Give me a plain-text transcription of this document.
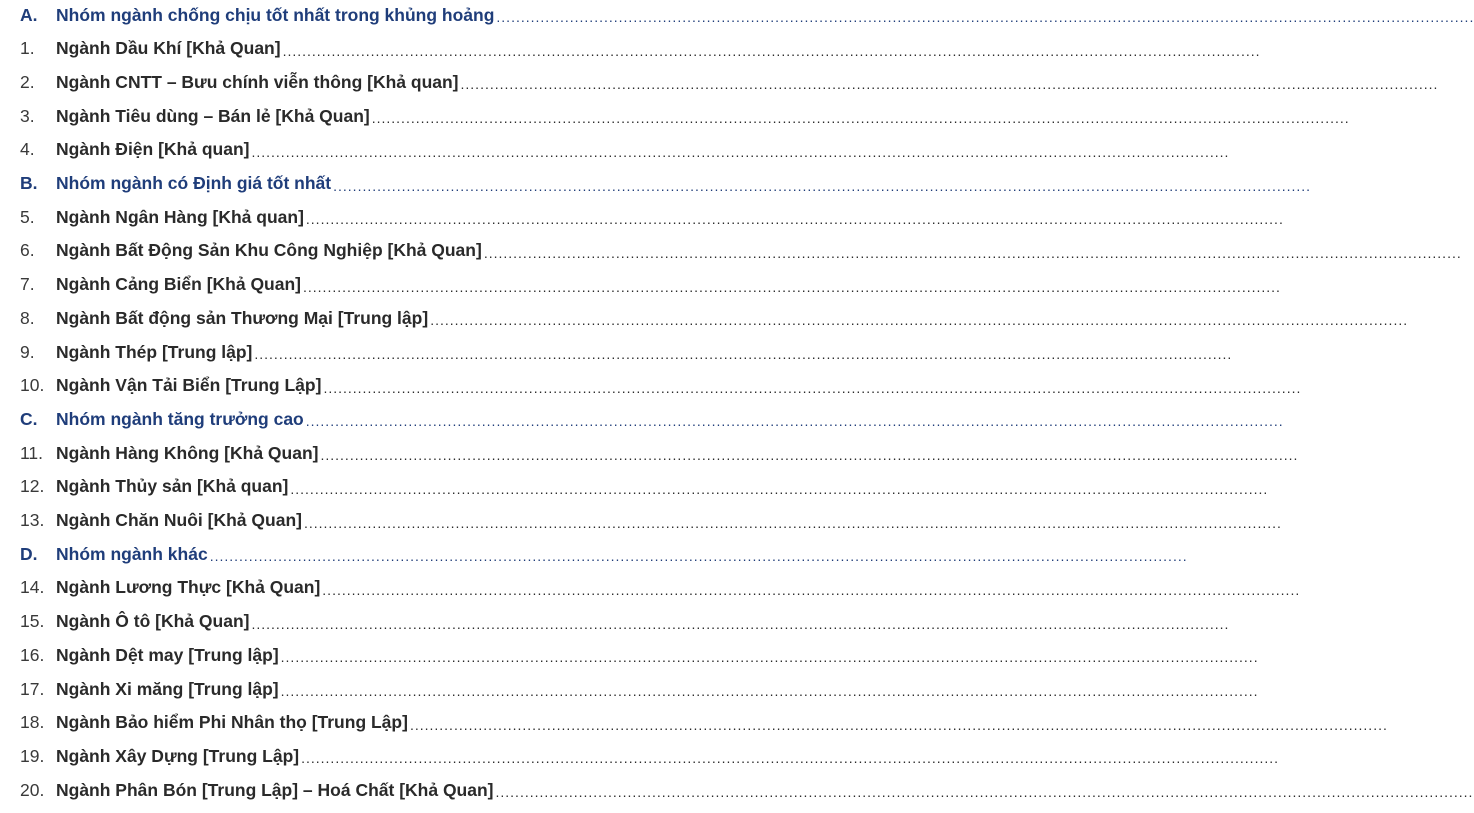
A.	Nhóm ngành chống chịu tốt nhất trong khủng hoảng ........................................................................................................................................................................................................
1.	Ngành Dầu Khí [Khả Quan] ........................................................................................................................................................................................................
2.	Ngành CNTT – Bưu chính viễn thông [Khả quan] ........................................................................................................................................................................................................
3.	Ngành Tiêu dùng – Bán lẻ [Khả Quan] ........................................................................................................................................................................................................
4.	Ngành Điện [Khả quan] ........................................................................................................................................................................................................
B.	Nhóm ngành có Định giá tốt nhất ........................................................................................................................................................................................................
5.	Ngành Ngân Hàng [Khả quan] ........................................................................................................................................................................................................
6.	Ngành Bất Động Sản Khu Công Nghiệp [Khả Quan] ........................................................................................................................................................................................................
7.	Ngành Cảng Biển [Khả Quan] ........................................................................................................................................................................................................
8.	Ngành Bất động sản Thương Mại [Trung lập] ........................................................................................................................................................................................................
9.	Ngành Thép [Trung lập] ........................................................................................................................................................................................................
10. Ngành Vận Tải Biển [Trung Lập] ........................................................................................................................................................................................................
C.	Nhóm ngành tăng trưởng cao ........................................................................................................................................................................................................
11. Ngành Hàng Không [Khả Quan] ........................................................................................................................................................................................................
12. Ngành Thủy sản [Khả quan] ........................................................................................................................................................................................................
13. Ngành Chăn Nuôi [Khả Quan] ........................................................................................................................................................................................................
D.	Nhóm ngành khác ........................................................................................................................................................................................................
14. Ngành Lương Thực [Khả Quan] ........................................................................................................................................................................................................
15. Ngành Ô tô [Khả Quan] ........................................................................................................................................................................................................
16. Ngành Dệt may [Trung lập] ........................................................................................................................................................................................................
17. Ngành Xi măng [Trung lập] ........................................................................................................................................................................................................
18. Ngành Bảo hiểm Phi Nhân thọ [Trung Lập] ........................................................................................................................................................................................................
19. Ngành Xây Dựng [Trung Lập] ........................................................................................................................................................................................................
20. Ngành Phân Bón [Trung Lập] – Hoá Chất [Khả Quan] ........................................................................................................................................................................................................
